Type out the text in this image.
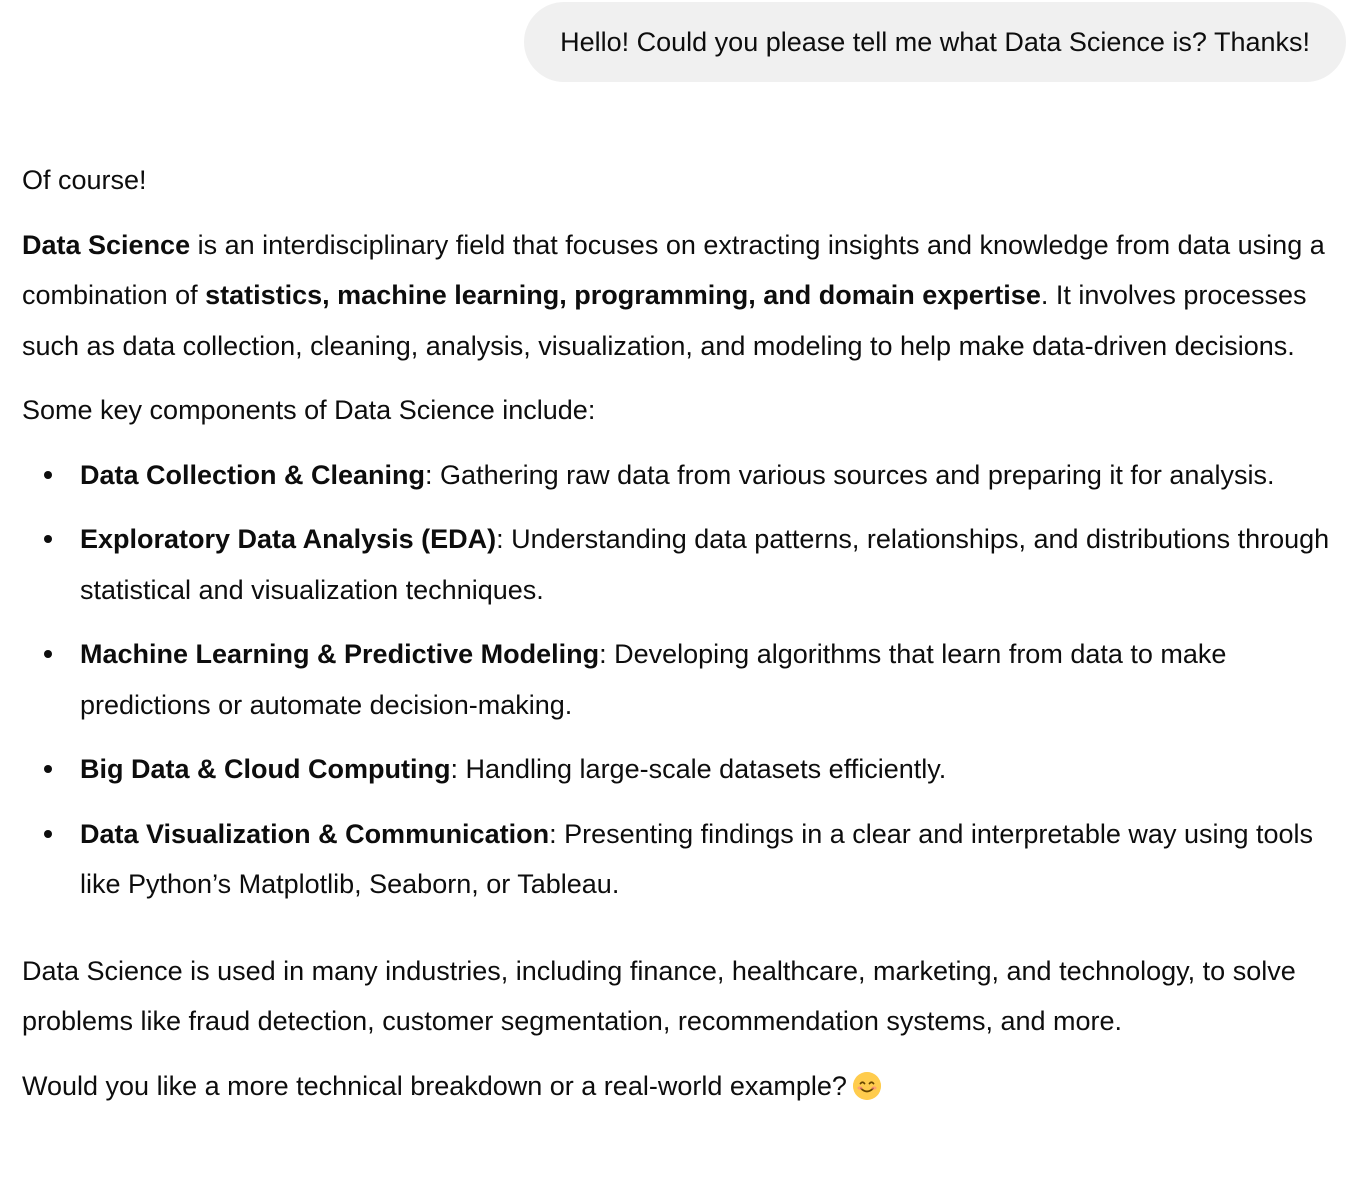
Hello! Could you please tell me what Data Science is? Thanks!

Of course!

Data Science is an interdisciplinary field that focuses on extracting insights and knowledge from data using a combination of statistics, machine learning, programming, and domain expertise. It involves processes such as data collection, cleaning, analysis, visualization, and modeling to help make data-driven decisions.

Some key components of Data Science include:

Data Collection & Cleaning: Gathering raw data from various sources and preparing it for analysis.
Exploratory Data Analysis (EDA): Understanding data patterns, relationships, and distributions through statistical and visualization techniques.
Machine Learning & Predictive Modeling: Developing algorithms that learn from data to make predictions or automate decision-making.
Big Data & Cloud Computing: Handling large-scale datasets efficiently.
Data Visualization & Communication: Presenting findings in a clear and interpretable way using tools like Python’s Matplotlib, Seaborn, or Tableau.

Data Science is used in many industries, including finance, healthcare, marketing, and technology, to solve problems like fraud detection, customer segmentation, recommendation systems, and more.

Would you like a more technical breakdown or a real-world example?
